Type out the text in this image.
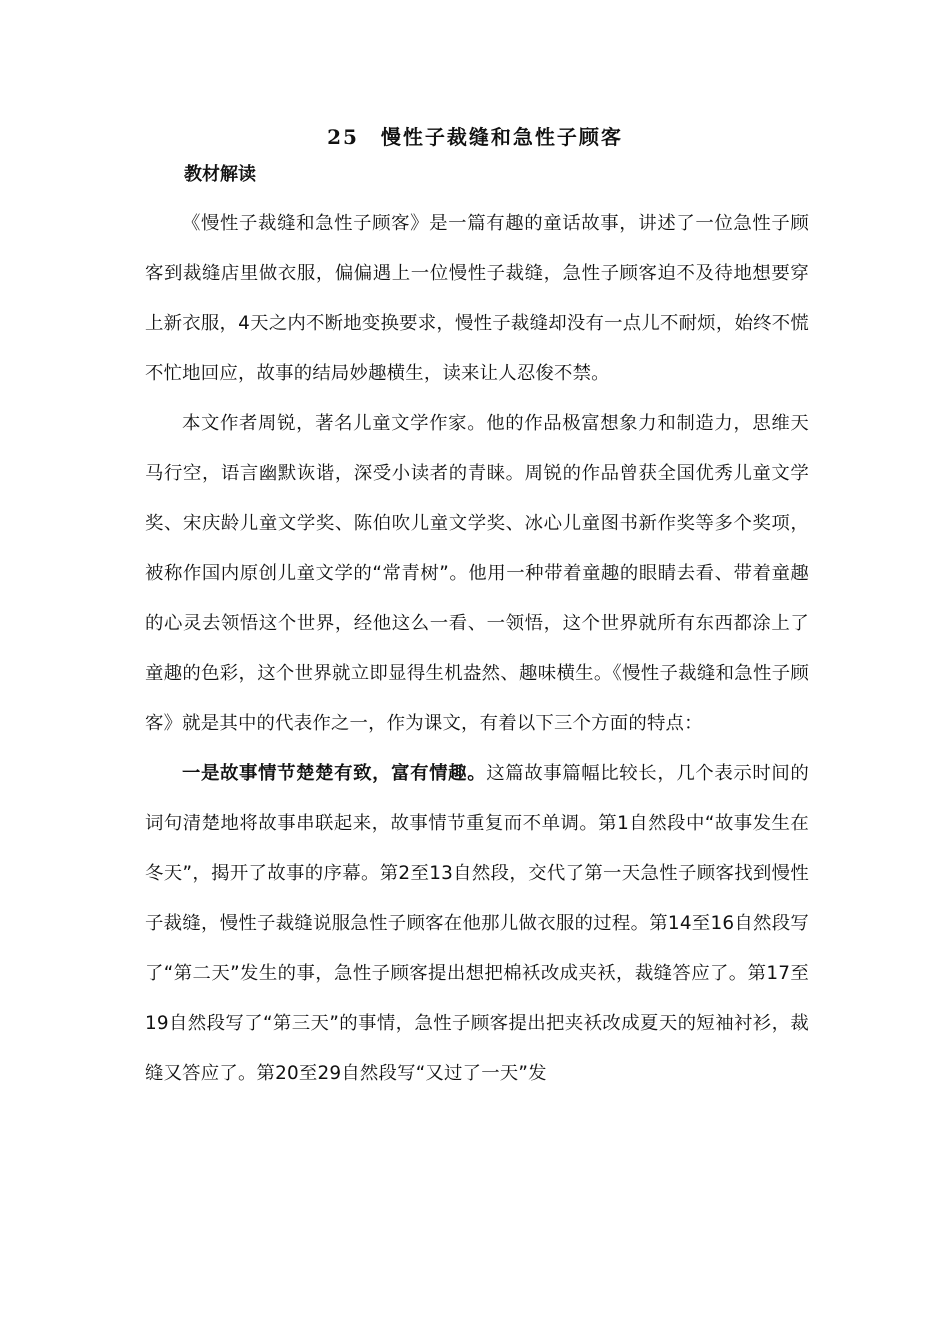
25　慢性子裁缝和急性子顾客
教材解读

《慢性子裁缝和急性子顾客》是一篇有趣的童话故事，讲述了一位急性子顾客到裁缝店里做衣服，偏偏遇上一位慢性子裁缝，急性子顾客迫不及待地想要穿上新衣服，4天之内不断地变换要求，慢性子裁缝却没有一点儿不耐烦，始终不慌不忙地回应，故事的结局妙趣横生，读来让人忍俊不禁。

本文作者周锐，著名儿童文学作家。他的作品极富想象力和制造力，思维天马行空，语言幽默诙谐，深受小读者的青睐。周锐的作品曾获全国优秀儿童文学奖、宋庆龄儿童文学奖、陈伯吹儿童文学奖、冰心儿童图书新作奖等多个奖项，被称作国内原创儿童文学的“常青树”。他用一种带着童趣的眼睛去看、带着童趣的心灵去领悟这个世界，经他这么一看、一领悟，这个世界就所有东西都涂上了童趣的色彩，这个世界就立即显得生机盎然、趣味横生。《慢性子裁缝和急性子顾客》就是其中的代表作之一，作为课文，有着以下三个方面的特点：

一是故事情节楚楚有致，富有情趣。这篇故事篇幅比较长，几个表示时间的词句清楚地将故事串联起来，故事情节重复而不单调。第1自然段中“故事发生在冬天”，揭开了故事的序幕。第2至13自然段，交代了第一天急性子顾客找到慢性子裁缝，慢性子裁缝说服急性子顾客在他那儿做衣服的过程。第14至16自然段写了“第二天”发生的事，急性子顾客提出想把棉袄改成夹袄，裁缝答应了。第17至19自然段写了“第三天”的事情，急性子顾客提出把夹袄改成夏天的短袖衬衫，裁缝又答应了。第20至29自然段写“又过了一天”发
